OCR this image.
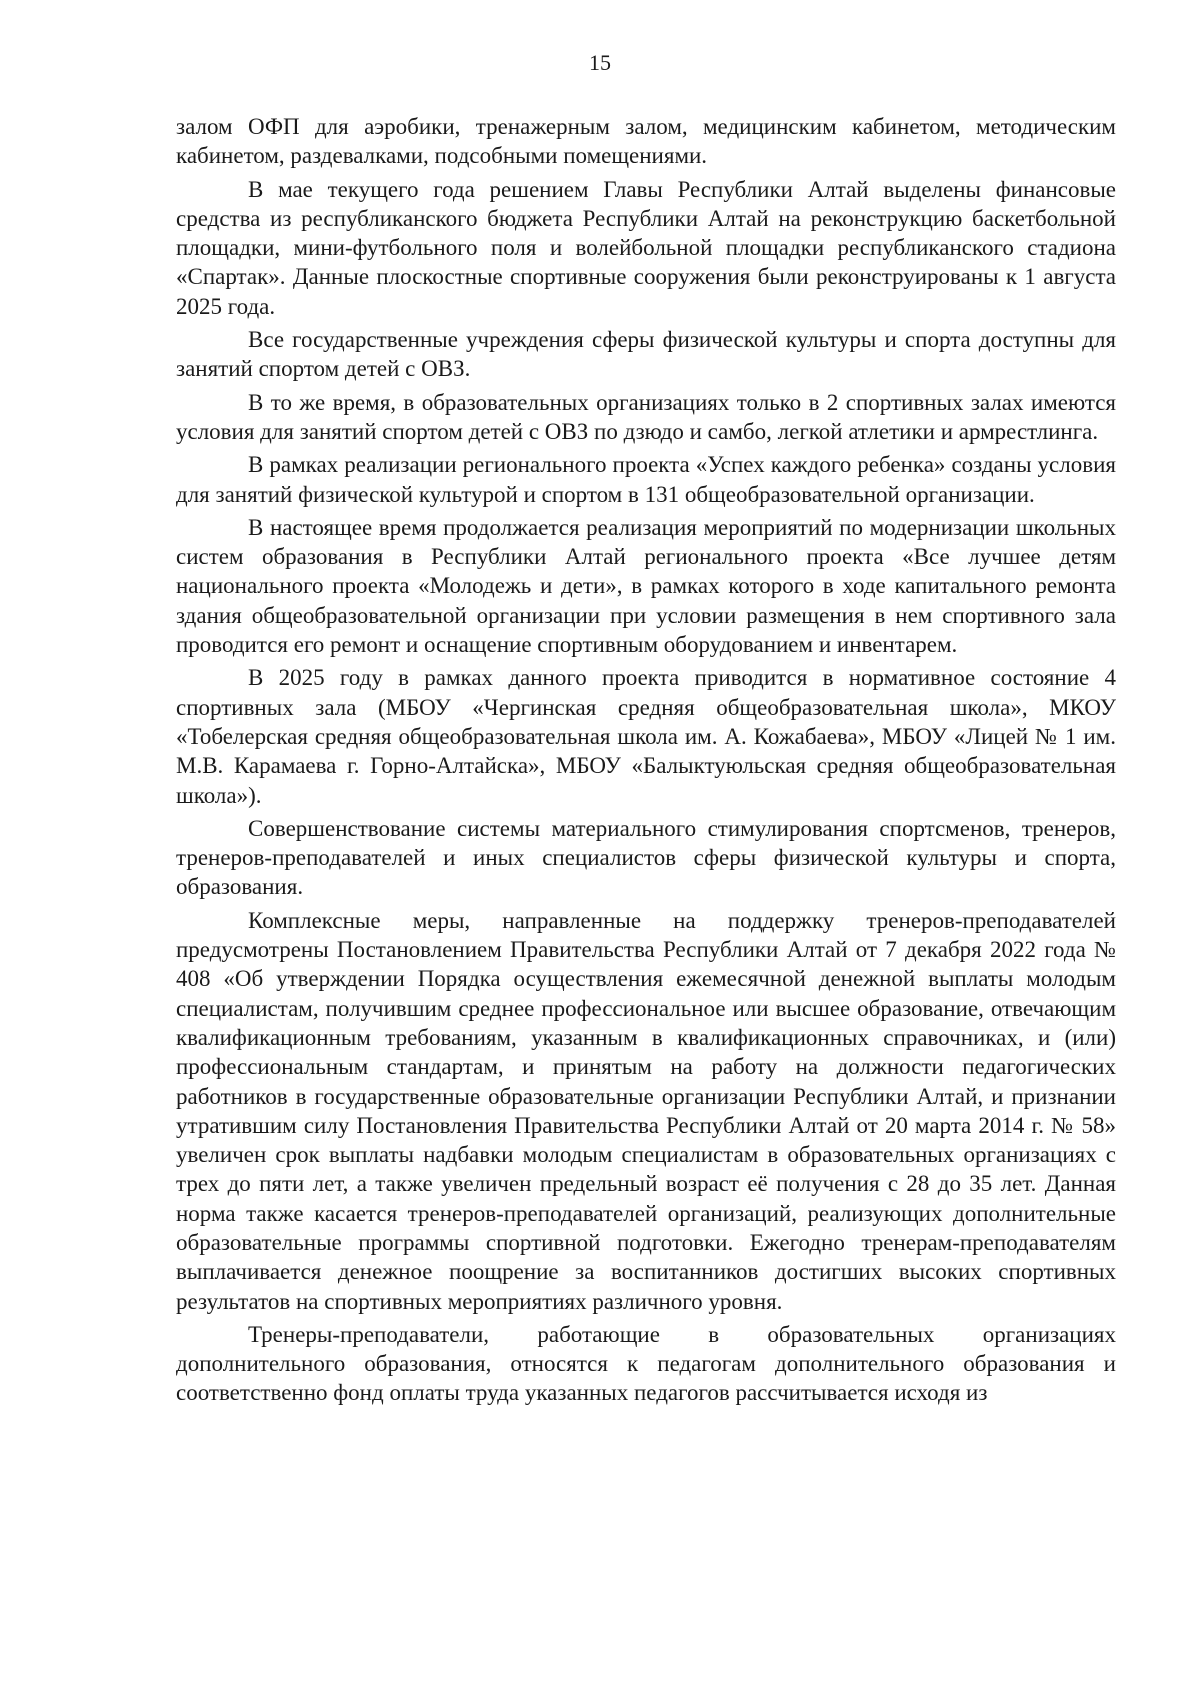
15

залом ОФП для аэробики, тренажерным залом, медицинским кабинетом, методическим кабинетом, раздевалками, подсобными помещениями.

В мае текущего года решением Главы Республики Алтай выделены финансовые средства из республиканского бюджета Республики Алтай на реконструкцию баскетбольной площадки, мини-футбольного поля и волейбольной площадки республиканского стадиона «Спартак». Данные плоскостные спортивные сооружения были реконструированы к 1 августа 2025 года.

Все государственные учреждения сферы физической культуры и спорта доступны для занятий спортом детей с ОВЗ.

В то же время, в образовательных организациях только в 2 спортивных залах имеются условия для занятий спортом детей с ОВЗ по дзюдо и самбо, легкой атлетики и армрестлинга.

В рамках реализации регионального проекта «Успех каждого ребенка» созданы условия для занятий физической культурой и спортом в 131 общеобразовательной организации.

В настоящее время продолжается реализация мероприятий по модернизации школьных систем образования в Республики Алтай регионального проекта «Все лучшее детям национального проекта «Молодежь и дети», в рамках которого в ходе капитального ремонта здания общеобразовательной организации при условии размещения в нем спортивного зала проводится его ремонт и оснащение спортивным оборудованием и инвентарем.

В 2025 году в рамках данного проекта приводится в нормативное состояние 4 спортивных зала (МБОУ «Чергинская средняя общеобразовательная школа», МКОУ «Тобелерская средняя общеобразовательная школа им. А. Кожабаева», МБОУ «Лицей № 1 им. М.В. Карамаева г. Горно-Алтайска», МБОУ «Балыктуюльская средняя общеобразовательная школа»).

Совершенствование системы материального стимулирования спортсменов, тренеров, тренеров-преподавателей и иных специалистов сферы физической культуры и спорта, образования.

Комплексные меры, направленные на поддержку тренеров-преподавателей предусмотрены Постановлением Правительства Республики Алтай от 7 декабря 2022 года № 408 «Об утверждении Порядка осуществления ежемесячной денежной выплаты молодым специалистам, получившим среднее профессиональное или высшее образование, отвечающим квалификационным требованиям, указанным в квалификационных справочниках, и (или) профессиональным стандартам, и принятым на работу на должности педагогических работников в государственные образовательные организации Республики Алтай, и признании утратившим силу Постановления Правительства Республики Алтай от 20 марта 2014 г. № 58» увеличен срок выплаты надбавки молодым специалистам в образовательных организациях с трех до пяти лет, а также увеличен предельный возраст её получения с 28 до 35 лет. Данная норма также касается тренеров-преподавателей организаций, реализующих дополнительные образовательные программы спортивной подготовки. Ежегодно тренерам-преподавателям выплачивается денежное поощрение за воспитанников достигших высоких спортивных результатов на спортивных мероприятиях различного уровня.

Тренеры-преподаватели, работающие в образовательных организациях дополнительного образования, относятся к педагогам дополнительного образования и соответственно фонд оплаты труда указанных педагогов рассчитывается исходя из
